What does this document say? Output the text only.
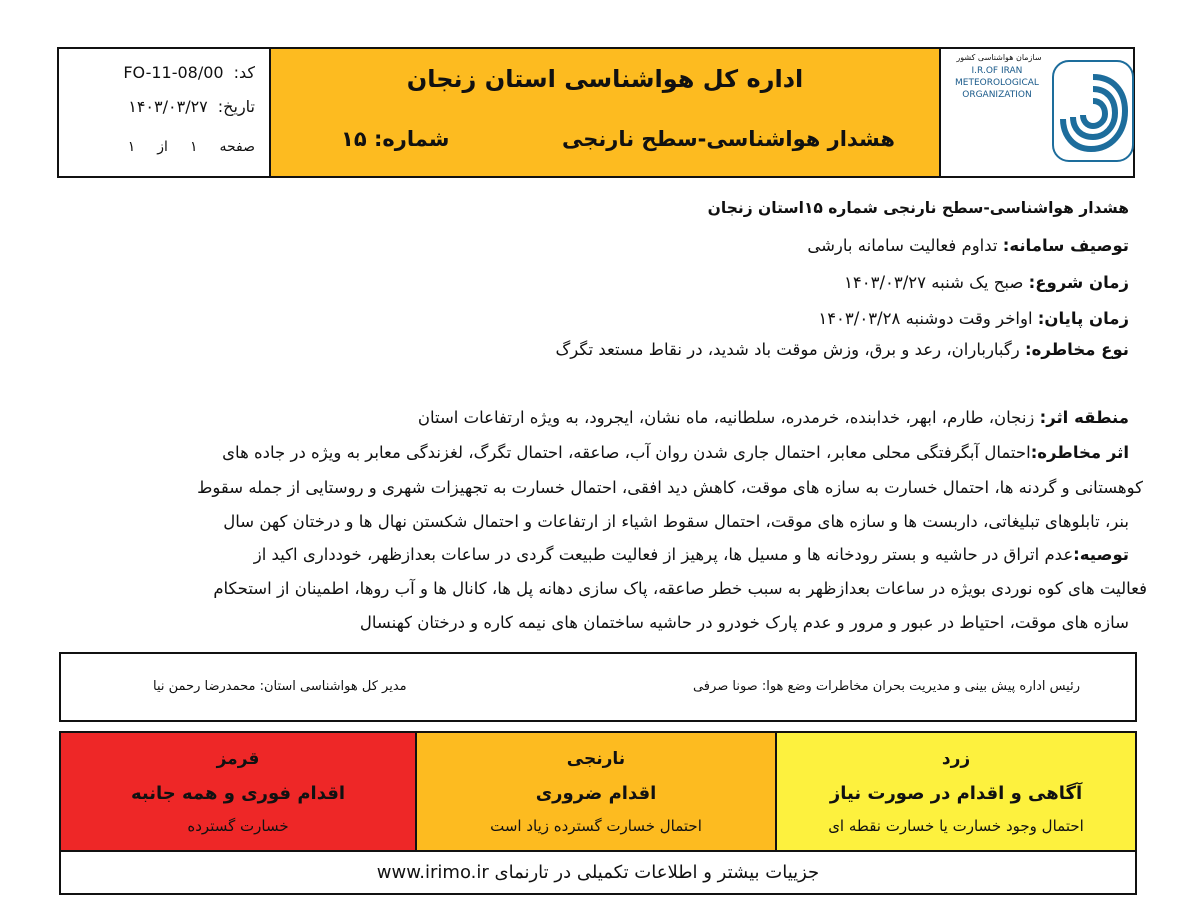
کد:
FO-11-08/00
تاریخ:
۱۴۰۳/۰۳/۲۷
صفحه
۱
از
۱
اداره کل هواشناسی استان زنجان
هشدار هواشناسی-سطح نارنجی
شماره: ۱۵
سازمان هواشناسی کشور
I.R.OF IRAN
METEOROLOGICAL
ORGANIZATION
هشدار هواشناسی-سطح نارنجی شماره ۱۵استان زنجان
توصیف سامانه: تداوم فعالیت سامانه بارشی
زمان شروع: صبح یک شنبه ۱۴۰۳/۰۳/۲۷
زمان پایان: اواخر وقت دوشنبه ۱۴۰۳/۰۳/۲۸
نوع مخاطره: رگبارباران، رعد و برق، وزش موقت باد شدید، در نقاط مستعد تگرگ
منطقه اثر: زنجان، طارم، ابهر، خدابنده، خرمدره، سلطانیه، ماه نشان، ایجرود، به ویژه ارتفاعات استان
اثر مخاطره:احتمال آبگرفتگی محلی معابر، احتمال جاری شدن روان آب، صاعقه، احتمال تگرگ، لغزندگی معابر به ویژه در جاده های
کوهستانی و گردنه ها، احتمال خسارت به سازه های موقت، کاهش دید افقی، احتمال خسارت به تجهیزات شهری و روستایی از جمله سقوط
بنر، تابلوهای تبلیغاتی، داربست ها و سازه های موقت، احتمال سقوط اشیاء از ارتفاعات و احتمال شکستن نهال ها و درختان کهن سال
توصیه:عدم اتراق در حاشیه و بستر رودخانه ها و مسیل ها، پرهیز از فعالیت طبیعت گردی در ساعات بعدازظهر، خودداری اکید از
فعالیت های کوه نوردی بویژه در ساعات بعدازظهر به سبب خطر صاعقه، پاک سازی دهانه پل ها، کانال ها و آب روها، اطمینان از استحکام
سازه های موقت، احتیاط در عبور و مرور و عدم پارک خودرو در حاشیه ساختمان های نیمه کاره و درختان کهنسال
رئیس اداره پیش بینی و مدیریت بحران مخاطرات وضع هوا: صونا صرفی
مدیر کل هواشناسی استان: محمدرضا رحمن نیا
قرمز
اقدام فوری و همه جانبه
خسارت گسترده
نارنجی
اقدام ضروری
احتمال خسارت گسترده زیاد است
زرد
آگاهی و اقدام در صورت نیاز
احتمال وجود خسارت یا خسارت نقطه ای
جزییات بیشتر و اطلاعات تکمیلی در تارنمای www.irimo.ir
